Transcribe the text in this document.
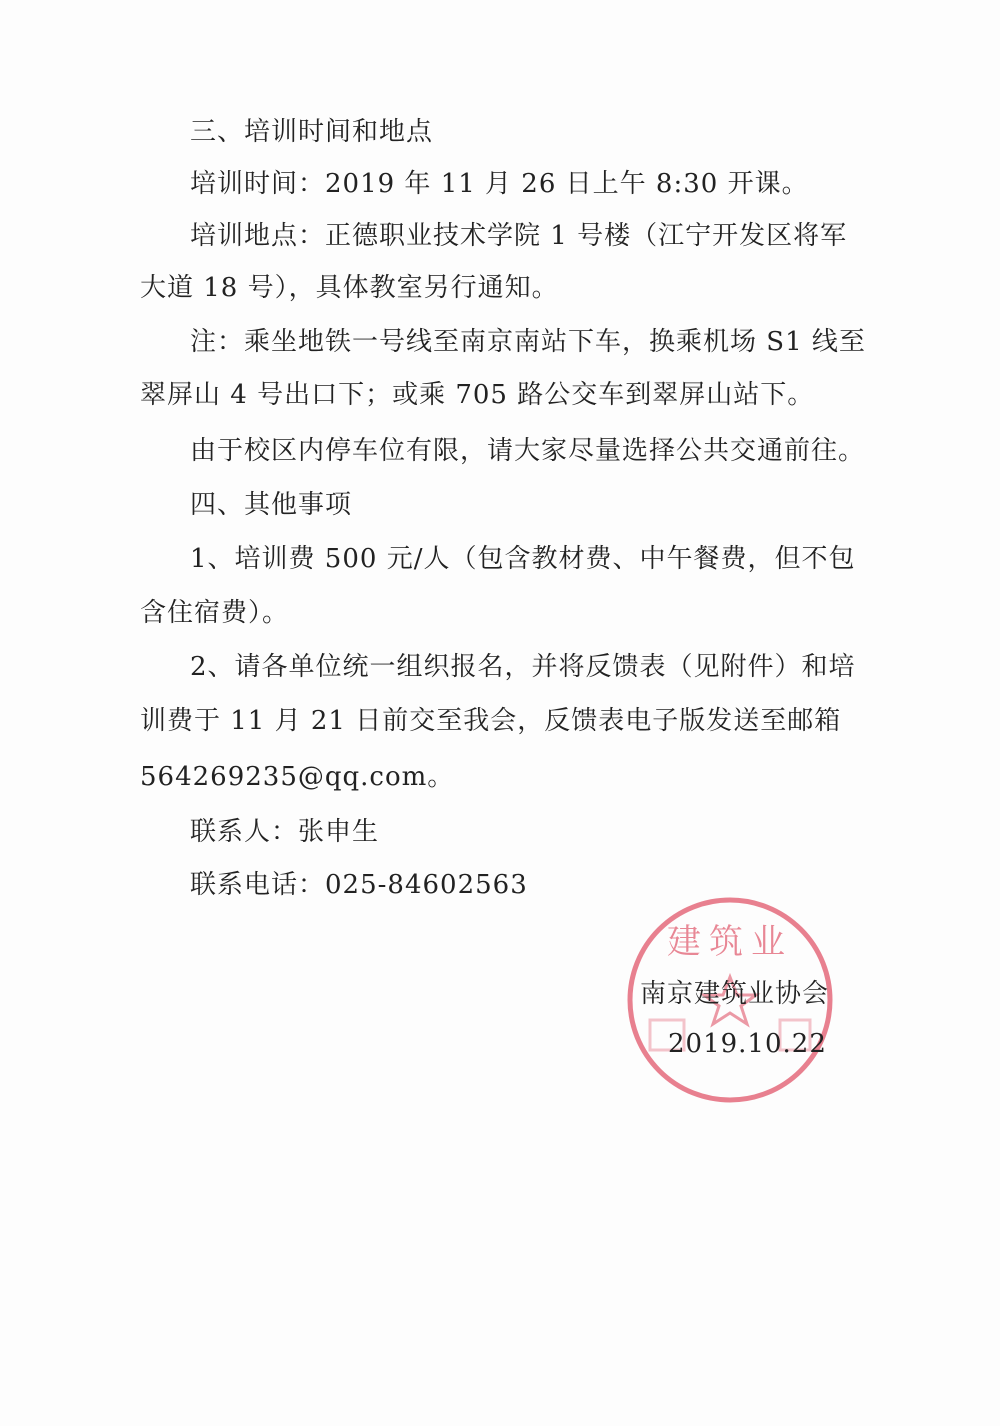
三、培训时间和地点
培训时间：2019 年 11 月 26 日上午 8:30 开课。
培训地点：正德职业技术学院 1 号楼（江宁开发区将军
大道 18 号），具体教室另行通知。
注：乘坐地铁一号线至南京南站下车，换乘机场 S1 线至
翠屏山 4 号出口下；或乘 705 路公交车到翠屏山站下。
由于校区内停车位有限，请大家尽量选择公共交通前往。
四、其他事项
1、培训费 500 元/人（包含教材费、中午餐费，但不包
含住宿费）。
2、请各单位统一组织报名，并将反馈表（见附件）和培
训费于 11 月 21 日前交至我会，反馈表电子版发送至邮箱
564269235@qq.com。
联系人：张申生
联系电话：025-84602563
建筑业
南京建筑业协会
2019.10.22
